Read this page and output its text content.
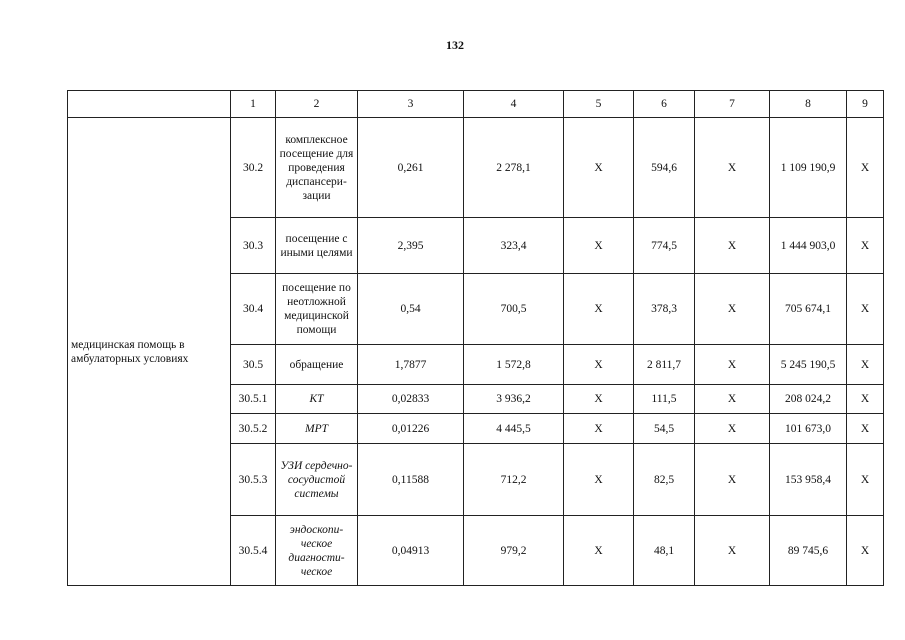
132
	1	2	3	4	5	6	7	8	9
медицинская помощь в амбулаторных условиях	30.2	комплексное посещение для проведения диспансери-зации	0,261	2 278,1	X	594,6	X	1 109 190,9	X
	30.3	посещение с иными целями	2,395	323,4	X	774,5	X	1 444 903,0	X
	30.4	посещение по неотложной медицинской помощи	0,54	700,5	X	378,3	X	705 674,1	X
	30.5	обращение	1,7877	1 572,8	X	2 811,7	X	5 245 190,5	X
	30.5.1	КТ	0,02833	3 936,2	X	111,5	X	208 024,2	X
	30.5.2	МРТ	0,01226	4 445,5	X	54,5	X	101 673,0	X
	30.5.3	УЗИ сердечно-сосудистой системы	0,11588	712,2	X	82,5	X	153 958,4	X
	30.5.4	эндоскопи-ческое диагности-ческое	0,04913	979,2	X	48,1	X	89 745,6	X
